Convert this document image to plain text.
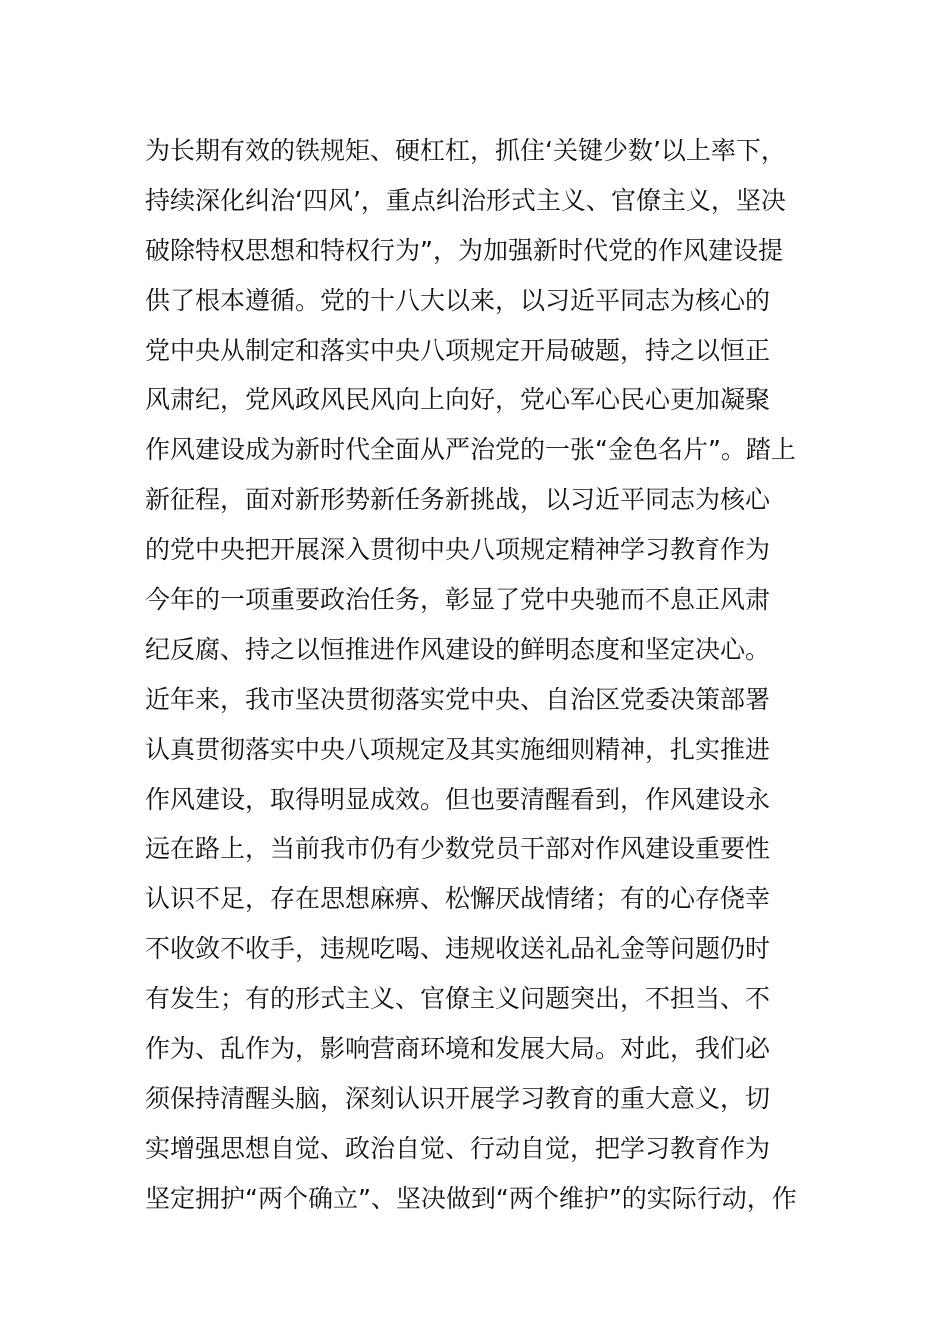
为长期有效的铁规矩、硬杠杠，抓住‘关键少数’以上率下，
持续深化纠治‘四风’，重点纠治形式主义、官僚主义，坚决
破除特权思想和特权行为”，为加强新时代党的作风建设提
供了根本遵循。党的十八大以来，以习近平同志为核心的
党中央从制定和落实中央八项规定开局破题，持之以恒正
风肃纪，党风政风民风向上向好，党心军心民心更加凝聚
作风建设成为新时代全面从严治党的一张“金色名片”。踏上
新征程，面对新形势新任务新挑战，以习近平同志为核心
的党中央把开展深入贯彻中央八项规定精神学习教育作为
今年的一项重要政治任务，彰显了党中央驰而不息正风肃
纪反腐、持之以恒推进作风建设的鲜明态度和坚定决心。
近年来，我市坚决贯彻落实党中央、自治区党委决策部署
认真贯彻落实中央八项规定及其实施细则精神，扎实推进
作风建设，取得明显成效。但也要清醒看到，作风建设永
远在路上，当前我市仍有少数党员干部对作风建设重要性
认识不足，存在思想麻痹、松懈厌战情绪；有的心存侥幸
不收敛不收手，违规吃喝、违规收送礼品礼金等问题仍时
有发生；有的形式主义、官僚主义问题突出，不担当、不
作为、乱作为，影响营商环境和发展大局。对此，我们必
须保持清醒头脑，深刻认识开展学习教育的重大意义，切
实增强思想自觉、政治自觉、行动自觉，把学习教育作为
坚定拥护“两个确立”、坚决做到“两个维护”的实际行动，作
